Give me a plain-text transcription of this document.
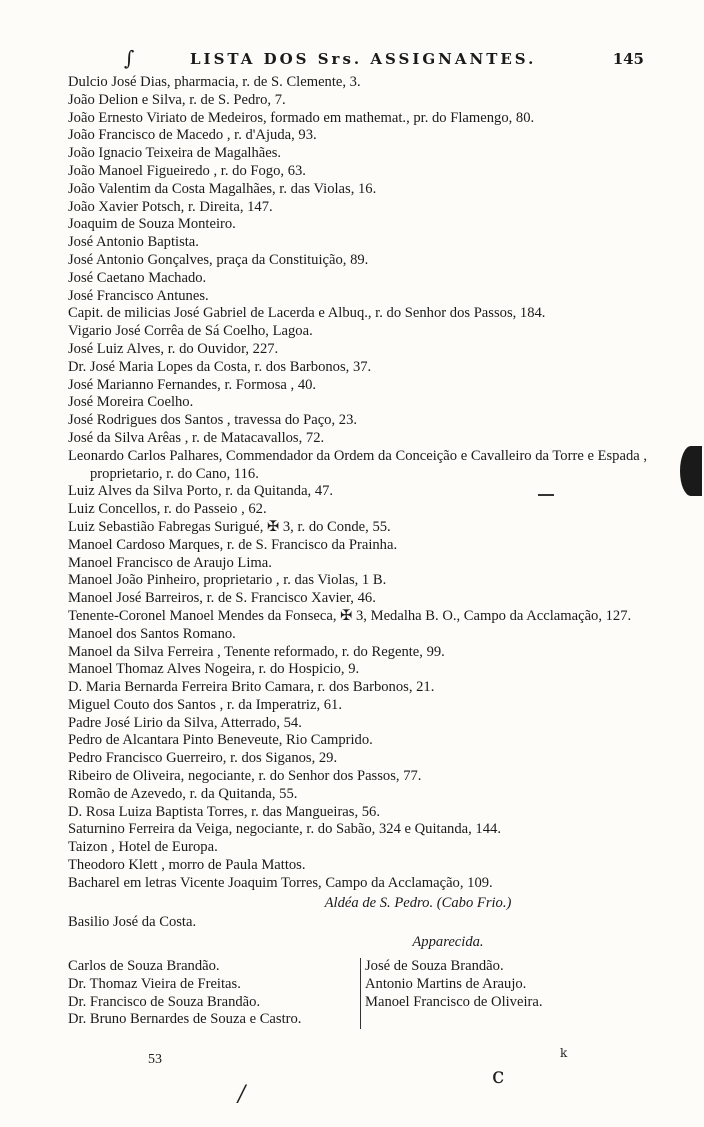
∫	LISTA DOS Srs. ASSIGNANTES.	145
Dulcio José Dias, pharmacia, r. de S. Clemente, 3.
João Delion e Silva, r. de S. Pedro, 7.
João Ernesto Viriato de Medeiros, formado em mathemat., pr. do Flamengo, 80.
João Francisco de Macedo , r. d'Ajuda, 93.
João Ignacio Teixeira de Magalhães.
João Manoel Figueiredo , r. do Fogo, 63.
João Valentim da Costa Magalhães, r. das Violas, 16.
João Xavier Potsch, r. Direita, 147.
Joaquim de Souza Monteiro.
José Antonio Baptista.
José Antonio Gonçalves, praça da Constituição, 89.
José Caetano Machado.
José Francisco Antunes.
Capit. de milicias José Gabriel de Lacerda e Albuq., r. do Senhor dos Passos, 184.
Vigario José Corrêa de Sá Coelho, Lagoa.
José Luiz Alves, r. do Ouvidor, 227.
Dr. José Maria Lopes da Costa, r. dos Barbonos, 37.
José Marianno Fernandes, r. Formosa , 40.
José Moreira Coelho.
José Rodrigues dos Santos , travessa do Paço, 23.
José da Silva Arêas , r. de Matacavallos, 72.
Leonardo Carlos Palhares, Commendador da Ordem da Conceição e Cavalleiro da Torre e Espada , proprietario, r. do Cano, 116.
Luiz Alves da Silva Porto, r. da Quitanda, 47.
Luiz Concellos, r. do Passeio , 62.
Luiz Sebastião Fabregas Surigué, ✠ 3, r. do Conde, 55.
Manoel Cardoso Marques, r. de S. Francisco da Prainha.
Manoel Francisco de Araujo Lima.
Manoel João Pinheiro, proprietario , r. das Violas, 1 B.
Manoel José Barreiros, r. de S. Francisco Xavier, 46.
Tenente-Coronel Manoel Mendes da Fonseca, ✠ 3, Medalha B. O., Campo da Acclamação, 127.
Manoel dos Santos Romano.
Manoel da Silva Ferreira , Tenente reformado, r. do Regente, 99.
Manoel Thomaz Alves Nogeira, r. do Hospicio, 9.
D. Maria Bernarda Ferreira Brito Camara, r. dos Barbonos, 21.
Miguel Couto dos Santos , r. da Imperatriz, 61.
Padre José Lirio da Silva, Atterrado, 54.
Pedro de Alcantara Pinto Beneveute, Rio Camprido.
Pedro Francisco Guerreiro, r. dos Siganos, 29.
Ribeiro de Oliveira, negociante, r. do Senhor dos Passos, 77.
Romão de Azevedo, r. da Quitanda, 55.
D. Rosa Luiza Baptista Torres, r. das Mangueiras, 56.
Saturnino Ferreira da Veiga, negociante, r. do Sabão, 324 e Quitanda, 144.
Taizon , Hotel de Europa.
Theodoro Klett , morro de Paula Mattos.
Bacharel em letras Vicente Joaquim Torres, Campo da Acclamação, 109.
Aldéa de S. Pedro. (Cabo Frio.)
Basilio José da Costa.
Apparecida.
Carlos de Souza Brandão.
Dr. Thomaz Vieira de Freitas.
Dr. Francisco de Souza Brandão.
Dr. Bruno Bernardes de Souza e Castro.
José de Souza Brandão.
Antonio Martins de Araujo.
Manoel Francisco de Oliveira.
53
c
k
/
